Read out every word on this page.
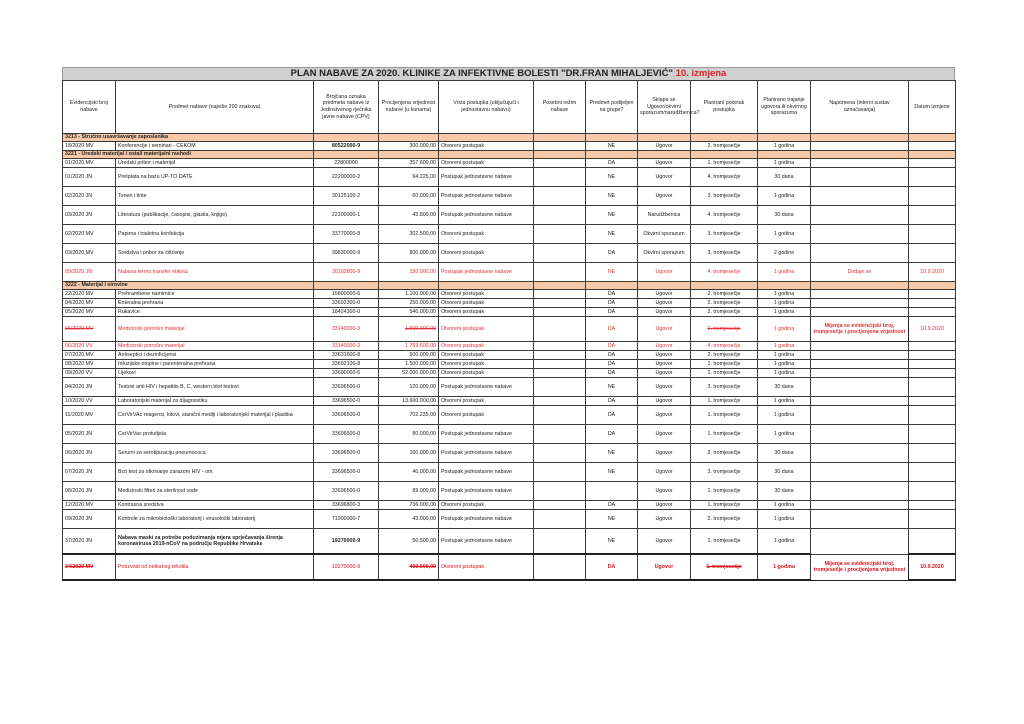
PLAN NABAVE ZA 2020. KLINIKE ZA INFEKTIVNE BOLESTI "DR.FRAN MIHALJEVIĆ" 10. izmjena
Evidencijski broj nabave	Predmet nabave (najviše 200 znakova)	Brojčana oznaka predmeta nabave iz Jedinstvenog rječnika javne nabave (CPV)	Procijenjena vrijednost nabave (u kunama)	Vrsta postupka (uključujući i jednostavnu nabavu)	Posebni režim nabave	Predmet podijeljen na grupe?	Sklapa se Ugovor/okvirni sporazum/narudžbenica?	Planirani početak postupka	Planirano trajanje ugovora ili okvirnog sporazuma	Napomena (interni sustav označavanja)	Datum izmjene
3213 - Stručno usavršavanje zaposlenika											
18/2020 MV	Konferencije i seminari - CEKOM	80522000-9	300.000,00	Otvoreni postupak		NE	Ugovor	2. tromjesečje	1 godina		
3221 - Uredski materijal i ostali materijalni rashodi											
01/2020 MV	Uredski pribor i materijal	22800000	357.600,00	Otvoreni postupak		DA	Ugovor	1. tromjesečje	1 godina		
01/2020 JN	Pretplata na bazu UP-TO DATE	22200000-2	94.225,00	Postupak jednostavne nabave		NE	Ugovor	4. tromjesečje	30 dana		
02/2020 JN	Toneri i tinte	30125100-2	60.000,00	Postupak jednostavne nabave		NE	Ugovor	3. tromjesečje	1 godina		
03/2020 JN	Literatura (publikacije, časopisi, glasila, knjige)	22100000-1	43.800,00	Postupak jednostavne nabave		NE	Narudžbenica	4. tromjesečje	30 dana		
02/2020 MV	Papirna i toaletna konfekcija	33770000-8	302.500,00	Otvoreni postupak		NE	Okvirni sporazum	3. tromjesečje	1 godina		
03/2020 MV	Sredstva i pribor za čišćenje	39830000-9	800.000,00	Otvoreni postupak		DA	Okvirni sporazum	3. tromjesečje	2 godine		
89/2020 JN	Nabava termo transfer etiketa	30192800-9	150.000,00	Postupak jednostavne nabave		NE	Ugovor	4. tromjesečje	1 godina	Dodaje se	10.9.2020
3222 - Materijal i sirovine											
22/2020 MV	Prehrambene namirnice	15800000-6	1.100.000,00	Otvoreni postupak		DA	Ugovor	2. tromjesečje	1 godina		
04/2020 MV	Enteralna prehrana	33692300-0	250.000,00	Otvoreni postupak		DA	Ugovor	2. tromjesečje	1 godina		
05/2020 MV	Rukavice	18424300-0	540.000,00	Otvoreni postupak		DA	Ugovor	2. tromjesečje	1 godina		
06/2020 MV	Medicinski potrošni materijal	33140000-3	1.500.000,00	Otvoreni postupak		DA	Ugovor	2. tromjesečje	1 godina	Mijenja se evidencijski broj, tromjesečje i procijenjena vrijednost	10.9.2020
06/2020 VV	Medicinski potrošni materijal	33140000-3	1.769.600,00	Otvoreni postupak		DA	Ugovor	4. tromjesečje	1 godina		
07/2020 MV	Antiseptici i dezinficijensi	33631600-8	500.000,00	Otvoreni postupak		DA	Ugovor	2. tromjesečje	1 godina		
08/2020 MV	Infuzijske otopine i parenteralna prehrana	33692100-8	1.500.000,00	Otvoreni postupak		DA	Ugovor	1. tromjesečje	1 godina		
09/2020 VV	Lijekovi	33600000-6	52.000.000,00	Otvoreni postupak		DA	Ugovor	1. tromjesečje	1 godina		
04/2020 JN	Testovi anti HIV i hepatitis B, C, western blot testovi	33696500-0	120.000,00	Postupak jednostavne nabave		NE	Ugovor	3. tromjesečje	30 dana		
10/2020 VV	Laboratorijski materijal za dijagnostiku	33696500-0	13.600.000,00	Otvoreni postupak		DA	Ugovor	1. tromjesečje	1 godina		
11/2020 MV	CerVirVAc reagensi, kitovi, stanični mediji i laboratorijski materijal i plastika	33696500-0	702.235,00	Otvoreni postupak		DA	Ugovor	1. tromjesečje	1 godina		
05/2020 JN	CerVirVac protutijela	33696500-0	80.000,00	Postupak jednostavne nabave		DA	Ugovor	1. tromjesečje	1 godina		
06/2020 JN	Serumi za serotipizaciju pneumococa	33696500-0	160.000,00	Postupak jednostavne nabave		NE	Ugovor	2. tromjesečje	30 dana		
07/2020 JN	Brzi test za otkrivanje zarazom HIV - om	33696500-0	40.000,00	Postupak jednostavne nabave		NE	Ugovor	3. tromjesečje	30 dana		
08/2020 JN	Medicinski filteri za sterilnost vode	33696500-0	89.000,00	Postupak jednostavne nabave			Ugovor	1. tromjesečje	30 dana		
12/2020 MV	Kontrasna sredstva	33696800-3	736.000,00	Otvoreni postupak		DA	Ugovor	1. tromjesečje	1 godina		
09/2020 JN	Kontrole za mikrobiološki laboratorij i virusološki laboratorij	71900000-7	43.000,00	Postupak jednostavne nabave		NE	Ugovor	2. tromjesečje	1 godina		
37/2020 JN	Nabava maski za potrebe poduzimanja mjera sprječavanja širenja koronavirusa 2019-nCoV na području Republike Hrvatske	19270000-9	50.500,00	Postupak jednostavne nabave		NE	Ugovor	1. tromjesečje	1 godina		
34/2020 MV	Proizvodi od netkanog tekstila	19270000-9	400.000,00	Otvoreni postupak		DA	Ugovor	1. tromjesečje	1 godina	Mijenja se evidencijski broj, tromjesečje i procijenjena vrijednost	10.9.2020
